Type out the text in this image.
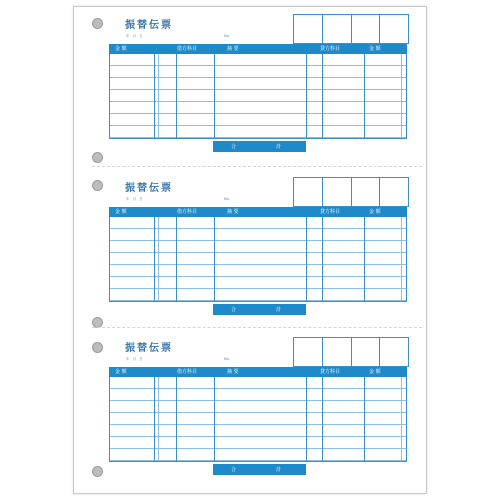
振替伝票
年 月 日	No.
金 額	借方科目	摘 要	貸方科目	金 額
合	計
振替伝票
年 月 日	No.
金 額	借方科目	摘 要	貸方科目	金 額
合	計
振替伝票
年 月 日	No.
金 額	借方科目	摘 要	貸方科目	金 額
合	計
